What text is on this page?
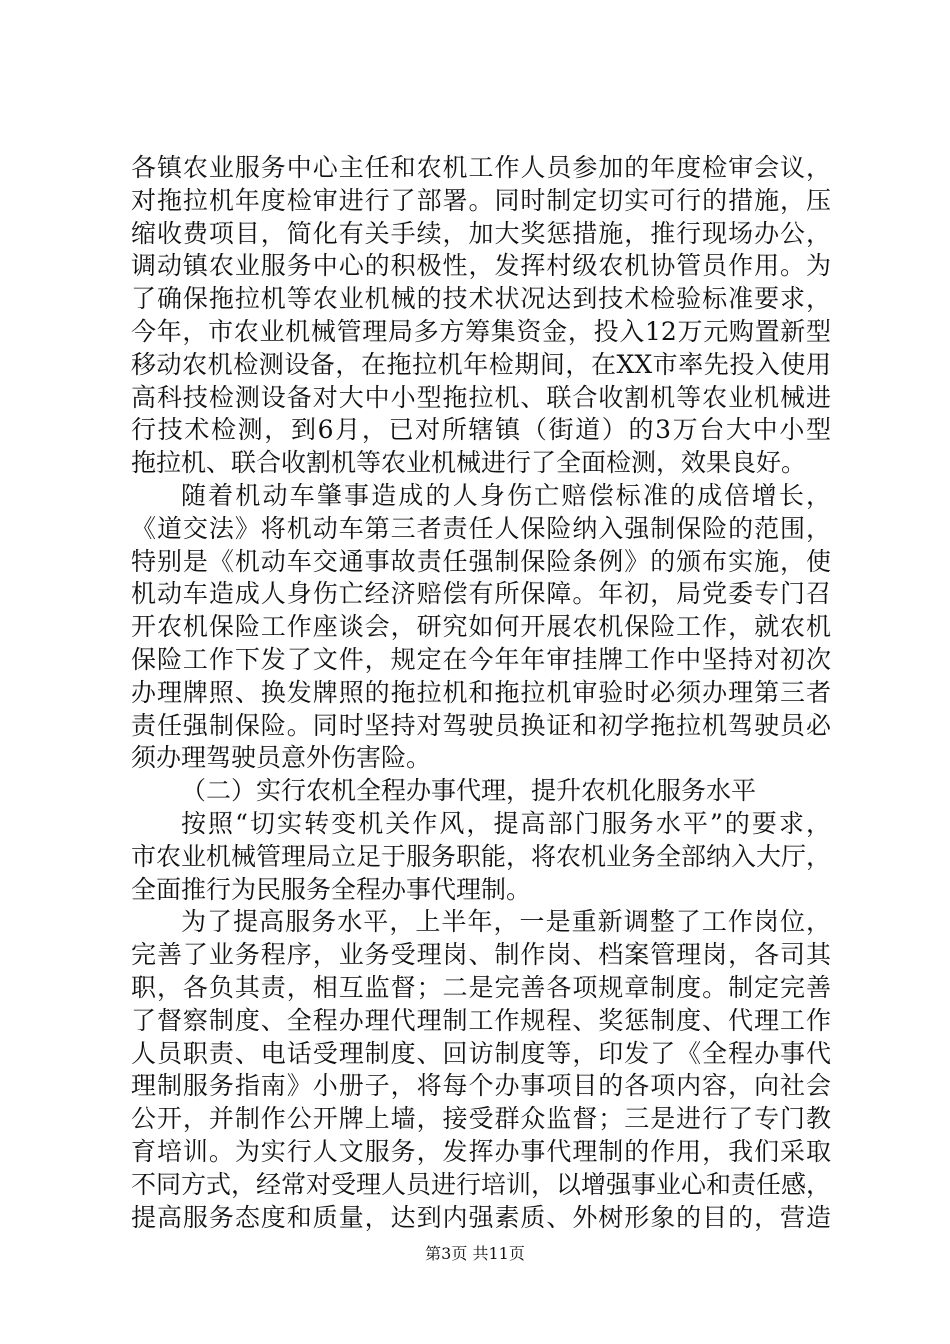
各镇农业服务中心主任和农机工作人员参加的年度检审会议，
对拖拉机年度检审进行了部署。同时制定切实可行的措施，压
缩收费项目，简化有关手续，加大奖惩措施，推行现场办公，
调动镇农业服务中心的积极性，发挥村级农机协管员作用。为
了确保拖拉机等农业机械的技术状况达到技术检验标准要求，
今年，市农业机械管理局多方筹集资金，投入12万元购置新型
移动农机检测设备，在拖拉机年检期间，在XX市率先投入使用
高科技检测设备对大中小型拖拉机、联合收割机等农业机械进
行技术检测，到6月，已对所辖镇（街道）的3万台大中小型
拖拉机、联合收割机等农业机械进行了全面检测，效果良好。
随着机动车肇事造成的人身伤亡赔偿标准的成倍增长，
《道交法》将机动车第三者责任人保险纳入强制保险的范围，
特别是《机动车交通事故责任强制保险条例》的颁布实施，使
机动车造成人身伤亡经济赔偿有所保障。年初，局党委专门召
开农机保险工作座谈会，研究如何开展农机保险工作，就农机
保险工作下发了文件，规定在今年年审挂牌工作中坚持对初次
办理牌照、换发牌照的拖拉机和拖拉机审验时必须办理第三者
责任强制保险。同时坚持对驾驶员换证和初学拖拉机驾驶员必
须办理驾驶员意外伤害险。
（二）实行农机全程办事代理，提升农机化服务水平
按照“切实转变机关作风，提高部门服务水平”的要求，
市农业机械管理局立足于服务职能，将农机业务全部纳入大厅，
全面推行为民服务全程办事代理制。
为了提高服务水平，上半年，一是重新调整了工作岗位，
完善了业务程序，业务受理岗、制作岗、档案管理岗，各司其
职，各负其责，相互监督；二是完善各项规章制度。制定完善
了督察制度、全程办理代理制工作规程、奖惩制度、代理工作
人员职责、电话受理制度、回访制度等，印发了《全程办事代
理制服务指南》小册子，将每个办事项目的各项内容，向社会
公开，并制作公开牌上墙，接受群众监督；三是进行了专门教
育培训。为实行人文服务，发挥办事代理制的作用，我们采取
不同方式，经常对受理人员进行培训，以增强事业心和责任感，
提高服务态度和质量，达到内强素质、外树形象的目的，营造
第3页 共11页
